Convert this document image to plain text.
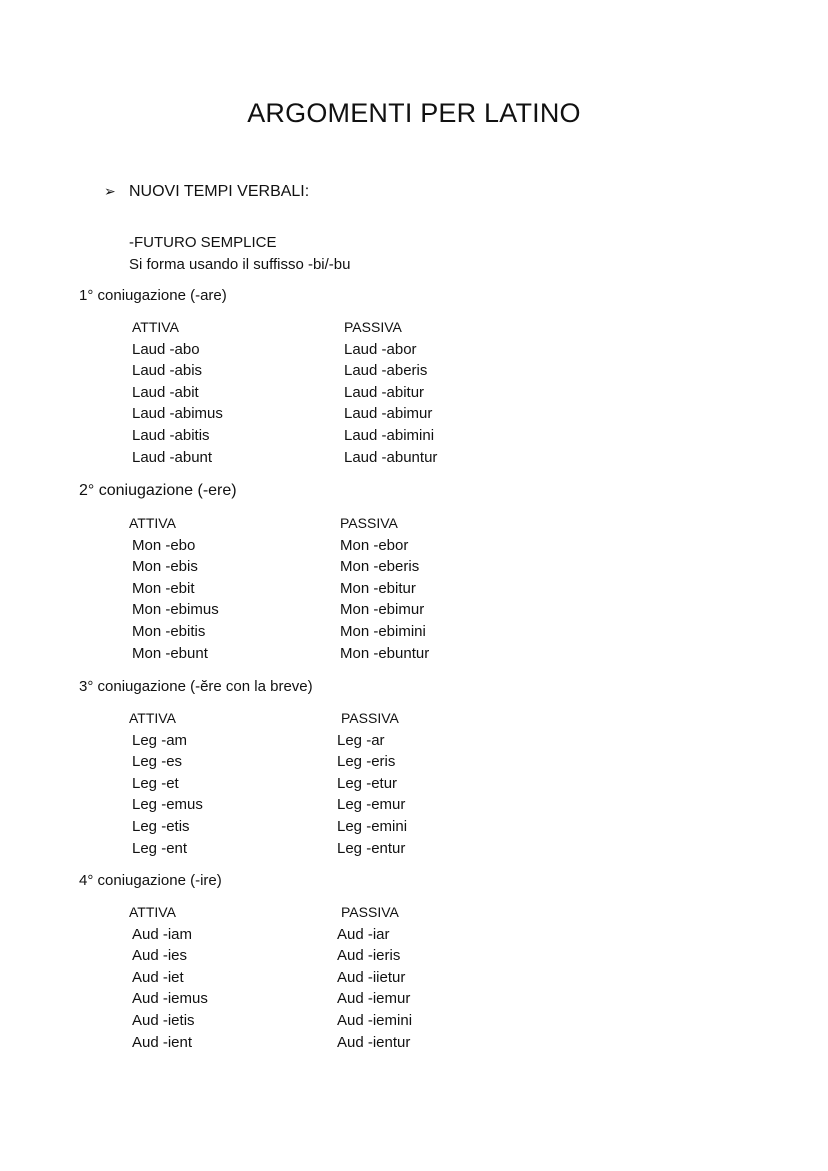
ARGOMENTI PER LATINO
➢ NUOVI TEMPI VERBALI:
-FUTURO SEMPLICE
Si forma usando il suffisso -bi/-bu
1° coniugazione (-are)
ATTIVA
Laud -abo
Laud -abis
Laud -abit
Laud -abimus
Laud -abitis
Laud -abunt
PASSIVA
Laud -abor
Laud -aberis
Laud -abitur
Laud -abimur
Laud -abimini
Laud -abuntur
2° coniugazione (-ere)
ATTIVA
Mon -ebo
Mon -ebis
Mon -ebit
Mon -ebimus
Mon -ebitis
Mon -ebunt
PASSIVA
Mon -ebor
Mon -eberis
Mon -ebitur
Mon -ebimur
Mon -ebimini
Mon -ebuntur
3° coniugazione (-ĕre con la breve)
ATTIVA
Leg -am
Leg -es
Leg -et
Leg -emus
Leg -etis
Leg -ent
PASSIVA
Leg -ar
Leg -eris
Leg -etur
Leg -emur
Leg -emini
Leg -entur
4° coniugazione (-ire)
ATTIVA
Aud -iam
Aud -ies
Aud -iet
Aud -iemus
Aud -ietis
Aud -ient
PASSIVA
Aud -iar
Aud -ieris
Aud -iietur
Aud -iemur
Aud -iemini
Aud -ientur
